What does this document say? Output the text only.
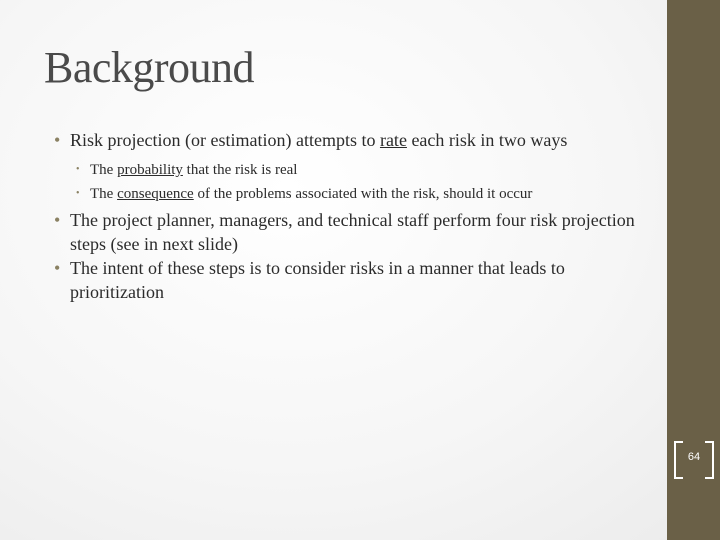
Background
• Risk projection (or estimation) attempts to rate each risk in two ways
• The probability that the risk is real
• The consequence of the problems associated with the risk, should it occur
• The project planner, managers, and technical staff perform four risk projection steps (see in next slide)
• The intent of these steps is to consider risks in a manner that leads to prioritization
64
